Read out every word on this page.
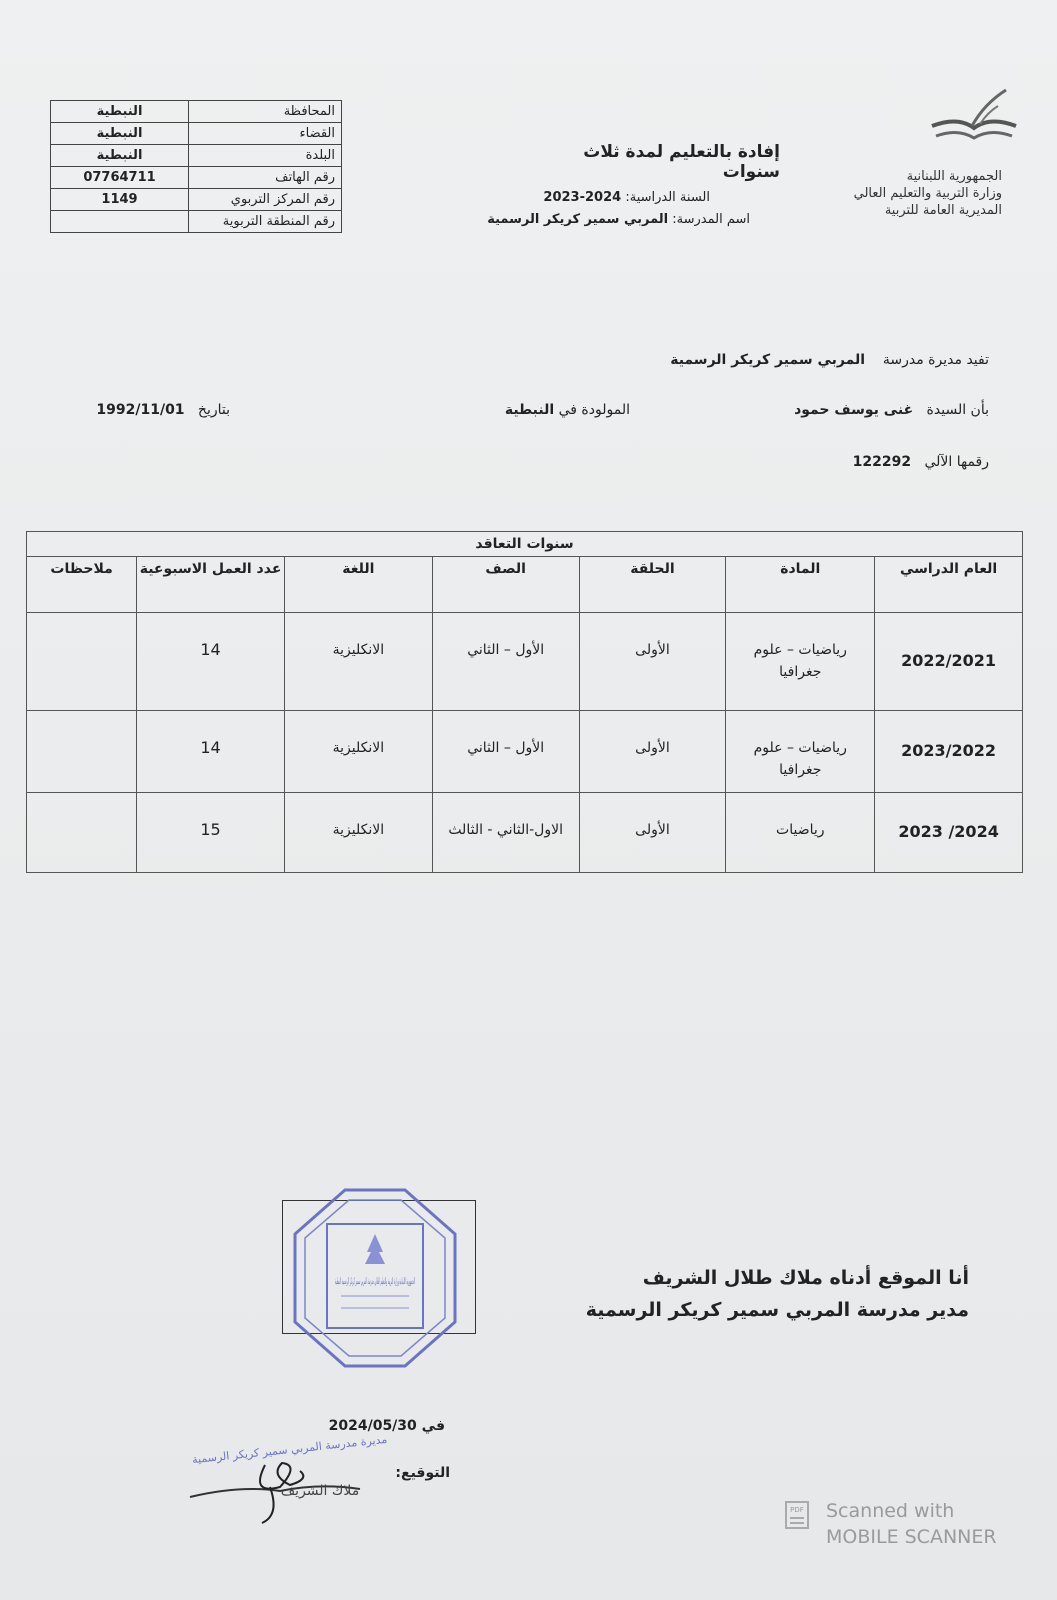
المحافظة	النبطية
القضاء	النبطية
البلدة	النبطية
رقم الهاتف	07764711
رقم المركز التربوي	1149
رقم المنطقة التربوية	
إفادة بالتعليم لمدة ثلاث سنوات	الجمهورية اللبنانية
وزارة التربية والتعليم العالي
المديرية العامة للتربية
السنة الدراسية: 2024-2023
اسم المدرسة: المربي سمير كريكر الرسمية
تفيد مديرة مدرسة    المربي سمير كريكر الرسمية
بأن السيدة   غنى يوسف حمود
المولودة في النبطية
بتاريخ   1992/11/01
رقمها الآلي   122292
سنوات التعاقد						
العام الدراسي	المادة	الحلقة	الصف	اللغة	عدد العمل الاسبوعية	ملاحظات
2022/2021	رياضيات – علوم جغرافيا	الأولى	الأول – الثاني	الانكليزية	14	
2023/2022	رياضيات – علوم جغرافيا	الأولى	الأول – الثاني	الانكليزية	14	
2024/ 2023	رياضيات	الأولى	الاول-الثاني - الثالث	الانكليزية	15	
الجمهورية اللبنانية وزارة التربية والتعليم العالي مدرسة المربي سمير كريكر الرسمية النبطية	أنا الموقع أدناه ملاك طلال الشريف
مدير مدرسة المربي سمير كريكر الرسمية
في 2024/05/30
التوقيع:
مديرة مدرسة المربي سمير كريكر الرسمية
ملاك الشريف
PDF Scanned with
MOBILE SCANNER
